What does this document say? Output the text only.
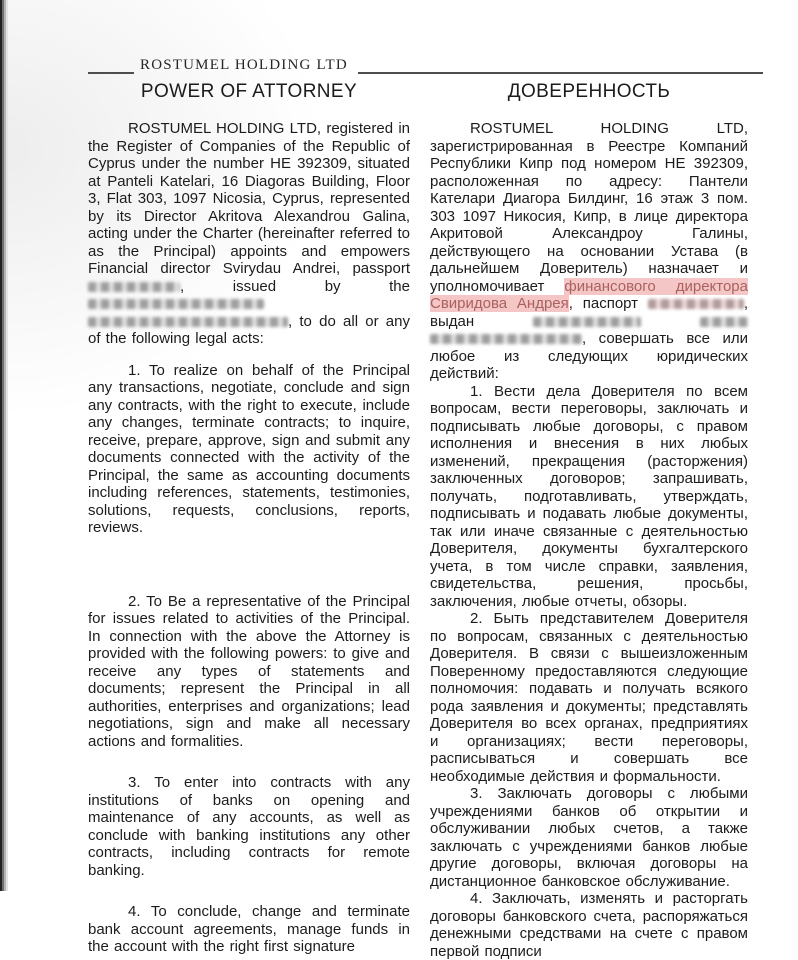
ROSTUMEL HOLDING LTD
POWER OF ATTORNEY	ДОВЕРЕННОСТЬ

ROSTUMEL HOLDING LTD, registered in the Register of Companies of the Republic of Cyprus under the number HE 392309, situated at Panteli Katelari, 16 Diagoras Building, Floor 3, Flat 303, 1097 Nicosia, Cyprus, represented by its Director Akritova Alexandrou Galina, acting under the Charter (hereinafter referred to as the Principal) appoints and empowers Financial director Svirydau Andrei, passport , issued by the  , to do all or any of the following legal acts:

1. To realize on behalf of the Principal any transactions, negotiate, conclude and sign any contracts, with the right to execute, include any changes, terminate contracts; to inquire, receive, prepare, approve, sign and submit any documents connected with the activity of the Principal, the same as accounting documents including references, statements, testimonies, solutions, requests, conclusions, reports, reviews.

2. To Be a representative of the Principal for issues related to activities of the Principal. In connection with the above the Attorney is provided with the following powers: to give and receive any types of statements and documents; represent the Principal in all authorities, enterprises and organizations; lead negotiations, sign and make all necessary actions and formalities.

3. To enter into contracts with any institutions of banks on opening and maintenance of any accounts, as well as conclude with banking institutions any other contracts, including contracts for remote banking.

4. To conclude, change and terminate bank account agreements, manage funds in the account with the right first signature

ROSTUMEL HOLDING LTD, зарегистрированная в Реестре Компаний Республики Кипр под номером HE 392309, расположенная по адресу: Пантели Кателари Диагора Билдинг, 16 этаж 3 пом. 303 1097 Никосия, Кипр, в лице директора Акритовой Александроу Галины, действующего на основании Устава (в дальнейшем Доверитель) назначает и уполномочивает финансового директора Свиридова Андрея, паспорт	, выдан   , совершать все или любое из следующих юридических действий:

1. Вести дела Доверителя по всем вопросам, вести переговоры, заключать и подписывать любые договоры, с правом исполнения и внесения в них любых изменений, прекращения (расторжения) заключенных договоров; запрашивать, получать, подготавливать, утверждать, подписывать и подавать любые документы, так или иначе связанные с деятельностью Доверителя, документы бухгалтерского учета, в том числе справки, заявления, свидетельства, решения, просьбы, заключения, любые отчеты, обзоры.

2. Быть представителем Доверителя по вопросам, связанных с деятельностью Доверителя. В связи с вышеизложенным Поверенному предоставляются следующие полномочия: подавать и получать всякого рода заявления и документы; представлять Доверителя во всех органах, предприятиях и организациях; вести переговоры, расписываться и совершать все необходимые действия и формальности.

3. Заключать договоры с любыми учреждениями банков об открытии и обслуживании любых счетов, а также заключать с учреждениями банков любые другие договоры, включая договоры на дистанционное банковское обслуживание.

4. Заключать, изменять и расторгать договоры банковского счета, распоряжаться денежными средствами на счете с правом первой подписи
